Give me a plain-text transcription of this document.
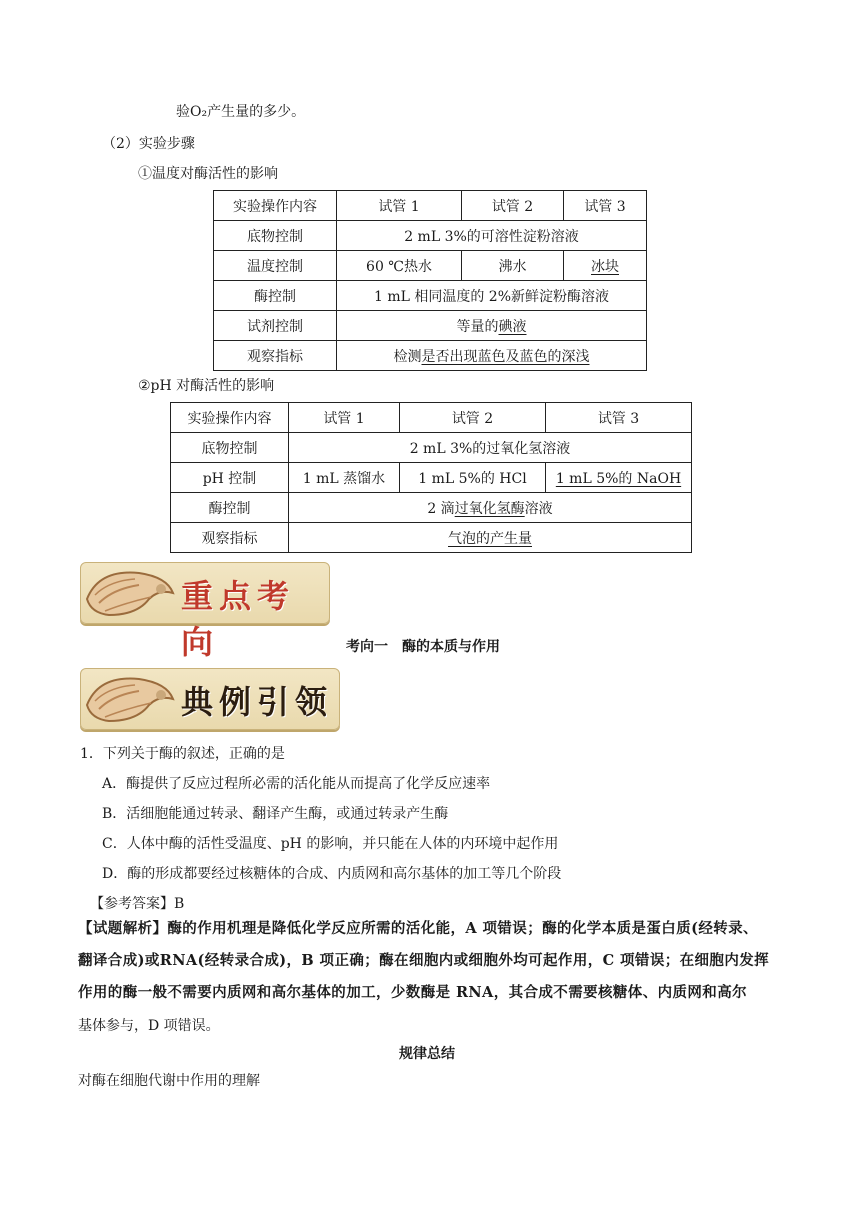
验O₂产生量的多少。
（2）实验步骤
①温度对酶活性的影响
实验操作内容	试管 1	试管 2	试管 3
底物控制	2 mL 3%的可溶性淀粉溶液		
温度控制	60 ℃热水	沸水	冰块
酶控制	1 mL 相同温度的 2%新鲜淀粉酶溶液		
试剂控制	等量的碘液		
观察指标	检测是否出现蓝色及蓝色的深浅		
②pH 对酶活性的影响
实验操作内容	试管 1	试管 2	试管 3
底物控制	2 mL 3%的过氧化氢溶液		
pH 控制	1 mL 蒸馏水	1 mL 5%的 HCl	1 mL 5%的 NaOH
酶控制	2 滴过氧化氢酶溶液		
观察指标	气泡的产生量		
重点考向	考向一　酶的本质与作用
典例引领
1．下列关于酶的叙述，正确的是
A．酶提供了反应过程所必需的活化能从而提高了化学反应速率
B．活细胞能通过转录、翻译产生酶，或通过转录产生酶
C．人体中酶的活性受温度、pH 的影响，并只能在人体的内环境中起作用
D．酶的形成都要经过核糖体的合成、内质网和高尔基体的加工等几个阶段
【参考答案】B
【试题解析】酶的作用机理是降低化学反应所需的活化能，A 项错误；酶的化学本质是蛋白质(经转录、
翻译合成)或RNA(经转录合成)，B 项正确；酶在细胞内或细胞外均可起作用，C 项错误；在细胞内发挥
作用的酶一般不需要内质网和高尔基体的加工，少数酶是 RNA，其合成不需要核糖体、内质网和高尔
基体参与，D 项错误。
规律总结
对酶在细胞代谢中作用的理解
